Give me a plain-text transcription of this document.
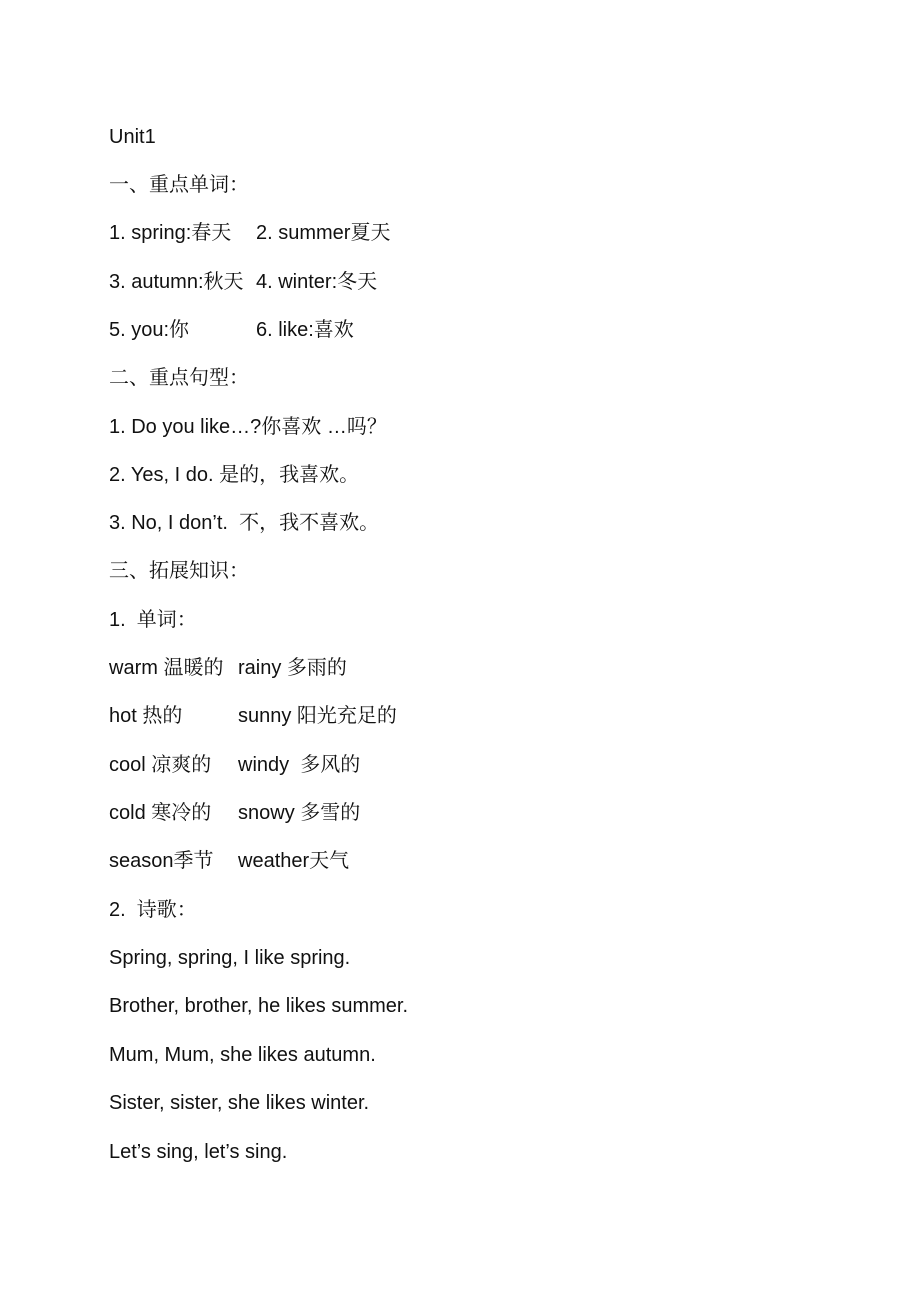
Unit1
一、重点单词：

1. spring:春天

2. summer夏天

3. autumn:秋天

4. winter:冬天

5. you:你

	6. like:喜欢

二、重点句型：
1. Do you like…?你喜欢 …吗？
2. Yes, I do. 是的，我喜欢。
3. No, I don’t.  不，我不喜欢。
三、拓展知识：
1.  单词：

warm 温暖的

rainy 多雨的

hot 热的

	sunny 阳光充足的

cool 凉爽的

windy  多风的

cold 寒冷的

snowy 多雪的

season季节

weather天气

2.  诗歌：
Spring, spring, I like spring.
Brother, brother, he likes summer.
Mum, Mum, she likes autumn.
Sister, sister, she likes winter.
Let’s sing, let’s sing.
